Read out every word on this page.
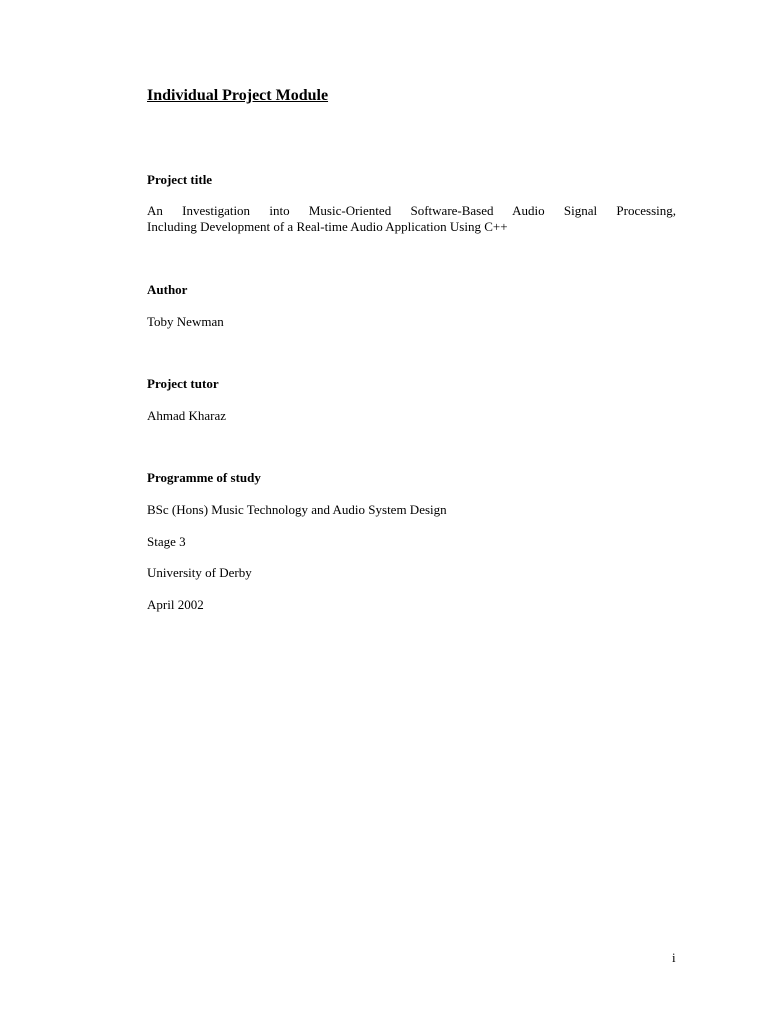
Individual Project Module
Project title
An Investigation into Music-Oriented Software-Based Audio Signal Processing,
Including Development of a Real-time Audio Application Using C++
Author
Toby Newman
Project tutor
Ahmad Kharaz
Programme of study
BSc (Hons) Music Technology and Audio System Design
Stage 3
University of Derby
April 2002
i
